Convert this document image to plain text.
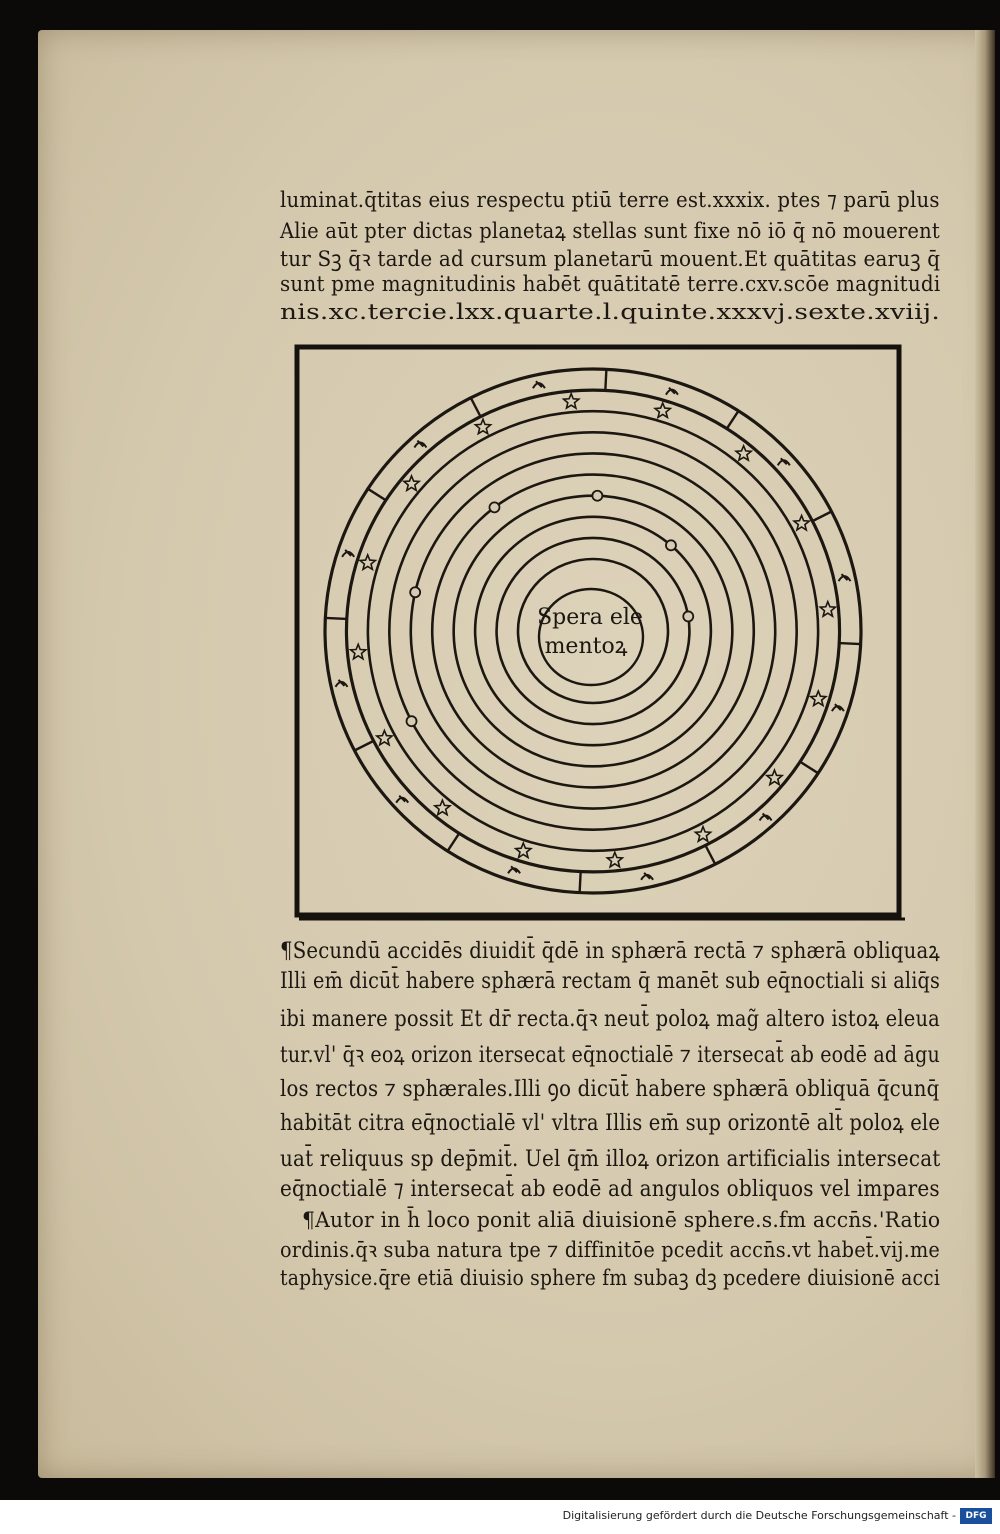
luminat.q̄titas eius respectu ptiū terre est.xxxix. ptes ⁊ parū plus
Alie aūt pter dictas planetaꝝ stellas sunt fixe nō iō q̄ nō mouerent
tur Sꝫ q̄ꝛ tarde ad cursum planetarū mouent.Et quātitas earuꝫ q̄
sunt pme magnitudinis habēt quātitatē terre.cxv.scōe magnitudi
nis.xc.tercie.lxx.quarte.l.quinte.xxxvj.sexte.xviij.
Spera ele
mentoꝝ
¶Secundū accidēs diuidit̄ q̄dē in sphærā rectā ⁊ sphærā obliquaꝝ
Illi em̄ dicūt̄ habere sphærā rectam q̄ manēt sub eq̄noctiali si aliq̄s
ibi manere possit Et dr̄ recta.q̄ꝛ neut̄ poloꝝ mag̃ altero istoꝝ eleua
tur.vl' q̄ꝛ eoꝝ orizon itersecat eq̄noctialē ⁊ itersecat̄ ab eodē ad āgu
los rectos ⁊ sphærales.Illi ꝯo dicūt̄ habere sphærā obliquā q̄cunq̄
habitāt citra eq̄noctialē vl' vltra Illis em̄ sup orizontē alt̄ poloꝝ ele
uat̄ reliquus sp dep̄mit̄. Uel q̄m̄ illoꝝ orizon artificialis intersecat
eq̄noctialē ⁊ intersecat̄ ab eodē ad angulos obliquos vel impares
¶Autor in h̄ loco ponit aliā diuisionē sphere.s.fm accn̄s.'Ratio
ordinis.q̄ꝛ suba natura tpe ⁊ diffinitōe pcedit accn̄s.vt habet̄.vij.me
taphysice.q̄re etiā diuisio sphere fm subaꝫ dꝫ pcedere diuisionē acci
Digitalisierung gefördert durch die Deutsche Forschungsgemeinschaft -	DFG
